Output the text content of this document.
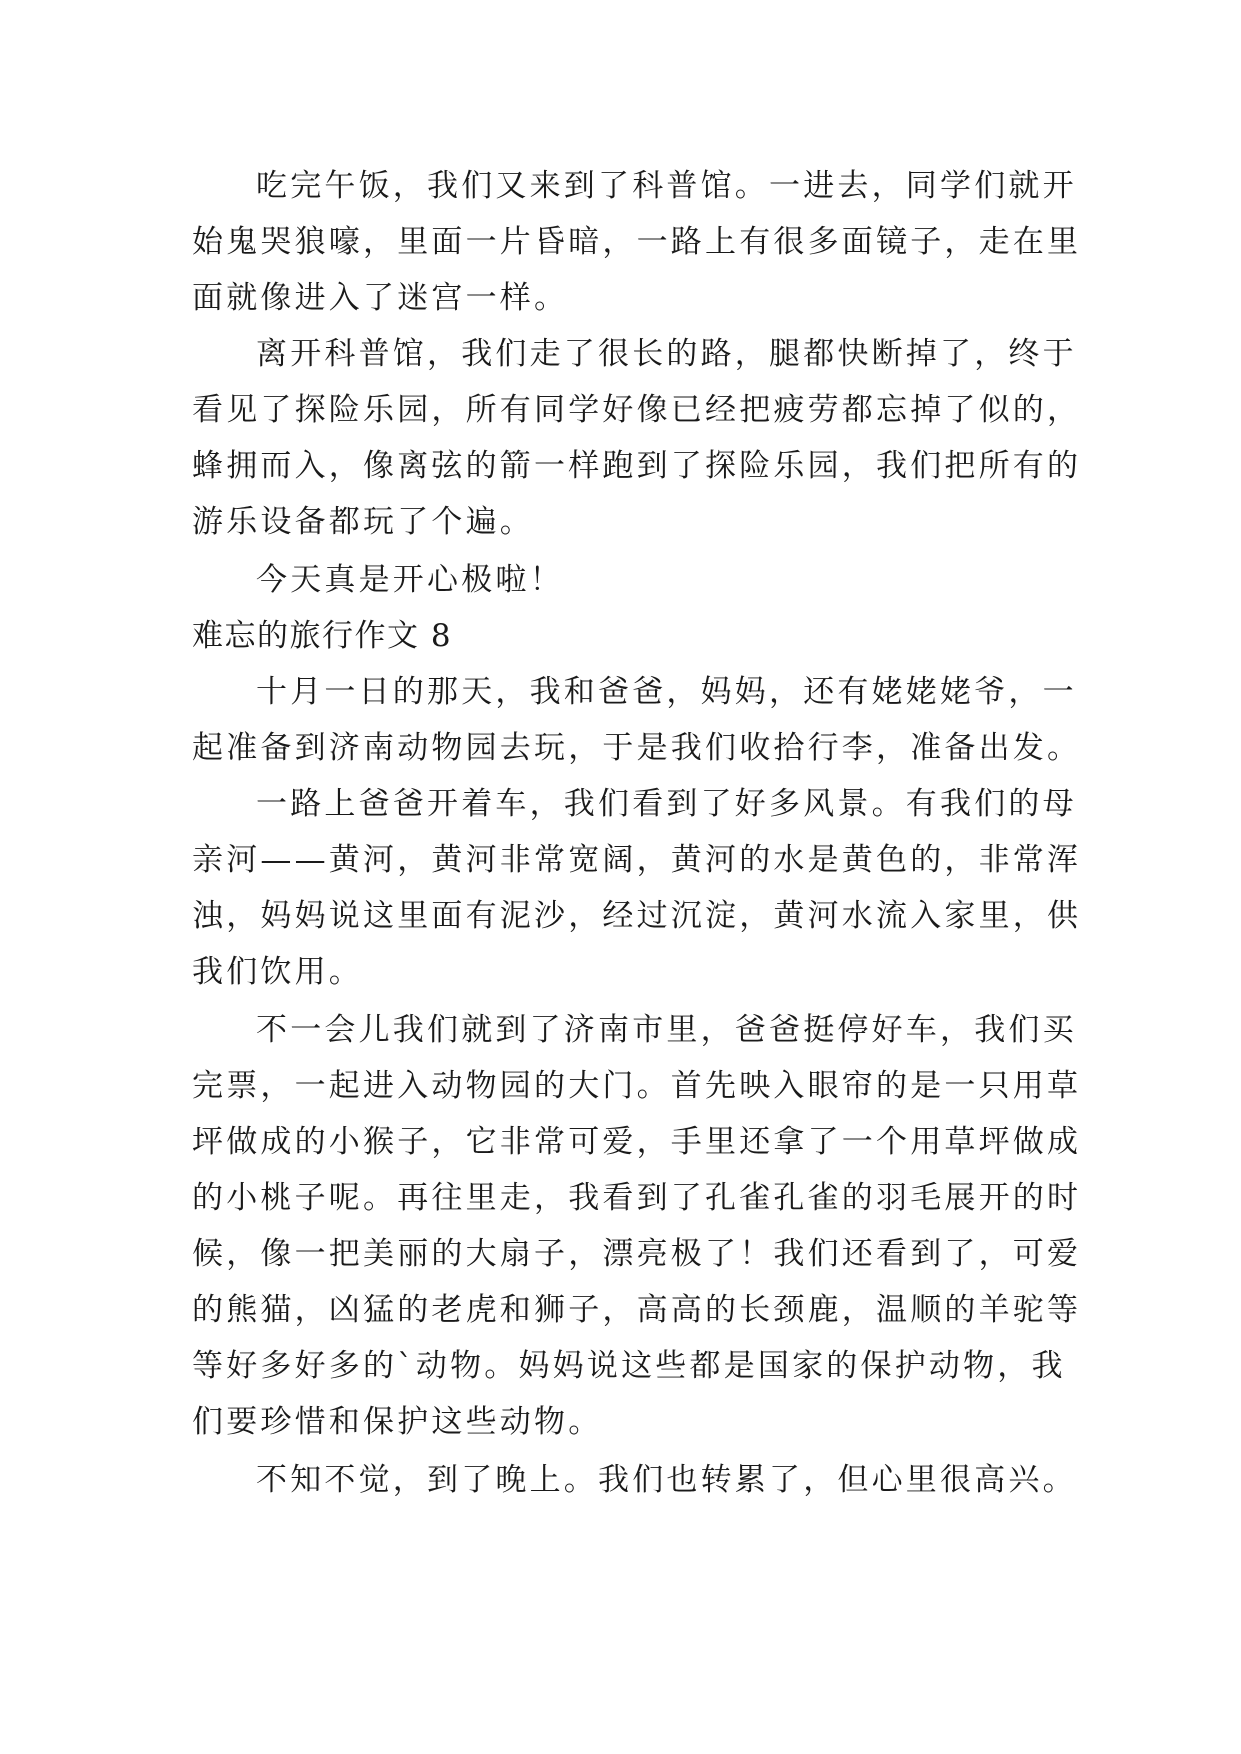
吃完午饭，我们又来到了科普馆。一进去，同学们就开
始鬼哭狼嚎，里面一片昏暗，一路上有很多面镜子，走在里
面就像进入了迷宫一样。
离开科普馆，我们走了很长的路，腿都快断掉了，终于
看见了探险乐园，所有同学好像已经把疲劳都忘掉了似的，
蜂拥而入，像离弦的箭一样跑到了探险乐园，我们把所有的
游乐设备都玩了个遍。
今天真是开心极啦！
难忘的旅行作文 8
十月一日的那天，我和爸爸，妈妈，还有姥姥姥爷，一
起准备到济南动物园去玩，于是我们收拾行李，准备出发。
一路上爸爸开着车，我们看到了好多风景。有我们的母
亲河——黄河，黄河非常宽阔，黄河的水是黄色的，非常浑
浊，妈妈说这里面有泥沙，经过沉淀，黄河水流入家里，供
我们饮用。
不一会儿我们就到了济南市里，爸爸挺停好车，我们买
完票，一起进入动物园的大门。首先映入眼帘的是一只用草
坪做成的小猴子，它非常可爱，手里还拿了一个用草坪做成
的小桃子呢。再往里走，我看到了孔雀孔雀的羽毛展开的时
候，像一把美丽的大扇子，漂亮极了！我们还看到了，可爱
的熊猫，凶猛的老虎和狮子，高高的长颈鹿，温顺的羊驼等
等好多好多的`动物。妈妈说这些都是国家的保护动物，我
们要珍惜和保护这些动物。
不知不觉，到了晚上。我们也转累了，但心里很高兴。
